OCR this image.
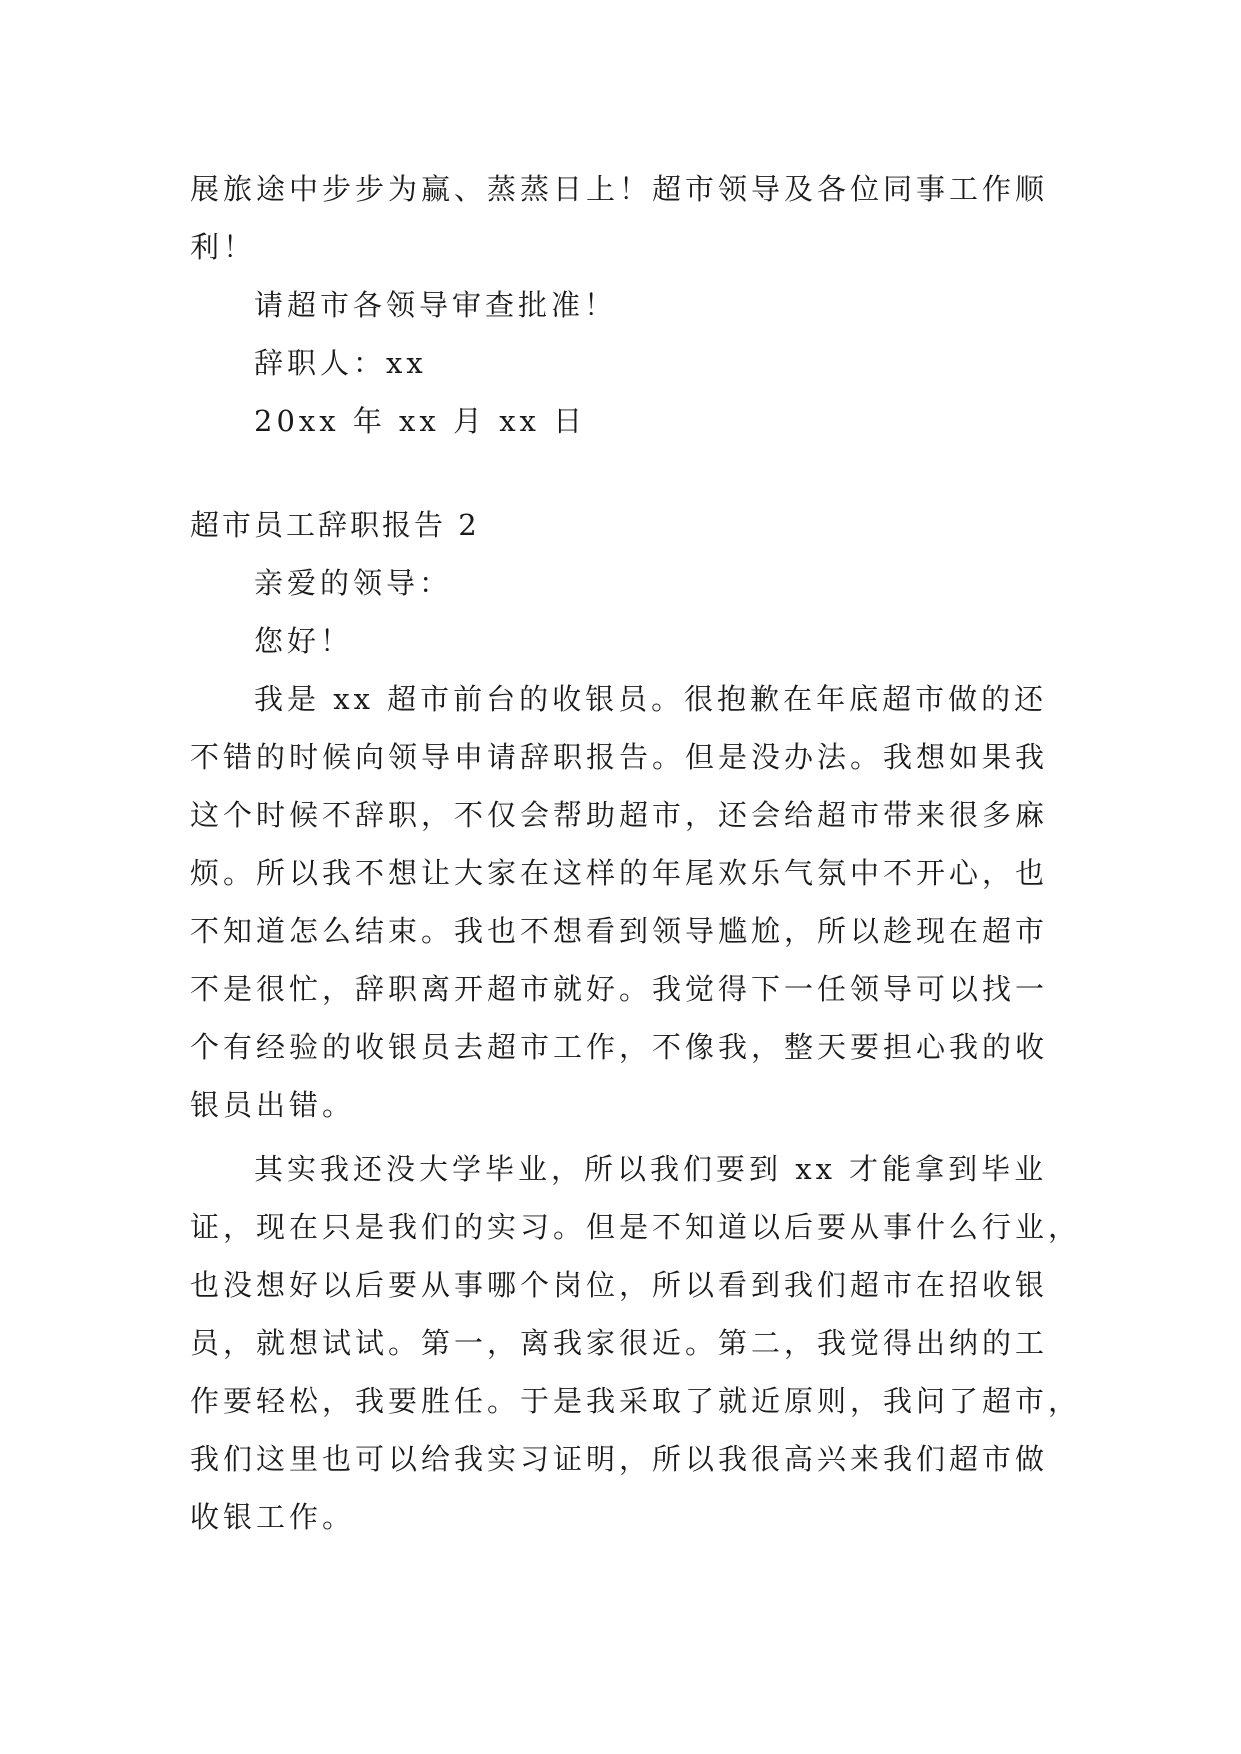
展旅途中步步为赢、蒸蒸日上！超市领导及各位同事工作顺

利！

请超市各领导审查批准！

辞职人：xx

20xx 年 xx 月 xx 日

超市员工辞职报告 2

亲爱的领导：

您好！

我是 xx 超市前台的收银员。很抱歉在年底超市做的还

不错的时候向领导申请辞职报告。但是没办法。我想如果我

这个时候不辞职，不仅会帮助超市，还会给超市带来很多麻

烦。所以我不想让大家在这样的年尾欢乐气氛中不开心，也

不知道怎么结束。我也不想看到领导尴尬，所以趁现在超市

不是很忙，辞职离开超市就好。我觉得下一任领导可以找一

个有经验的收银员去超市工作，不像我，整天要担心我的收

银员出错。

其实我还没大学毕业，所以我们要到 xx 才能拿到毕业

证，现在只是我们的实习。但是不知道以后要从事什么行业，

也没想好以后要从事哪个岗位，所以看到我们超市在招收银

员，就想试试。第一，离我家很近。第二，我觉得出纳的工

作要轻松，我要胜任。于是我采取了就近原则，我问了超市，

我们这里也可以给我实习证明，所以我很高兴来我们超市做

收银工作。
